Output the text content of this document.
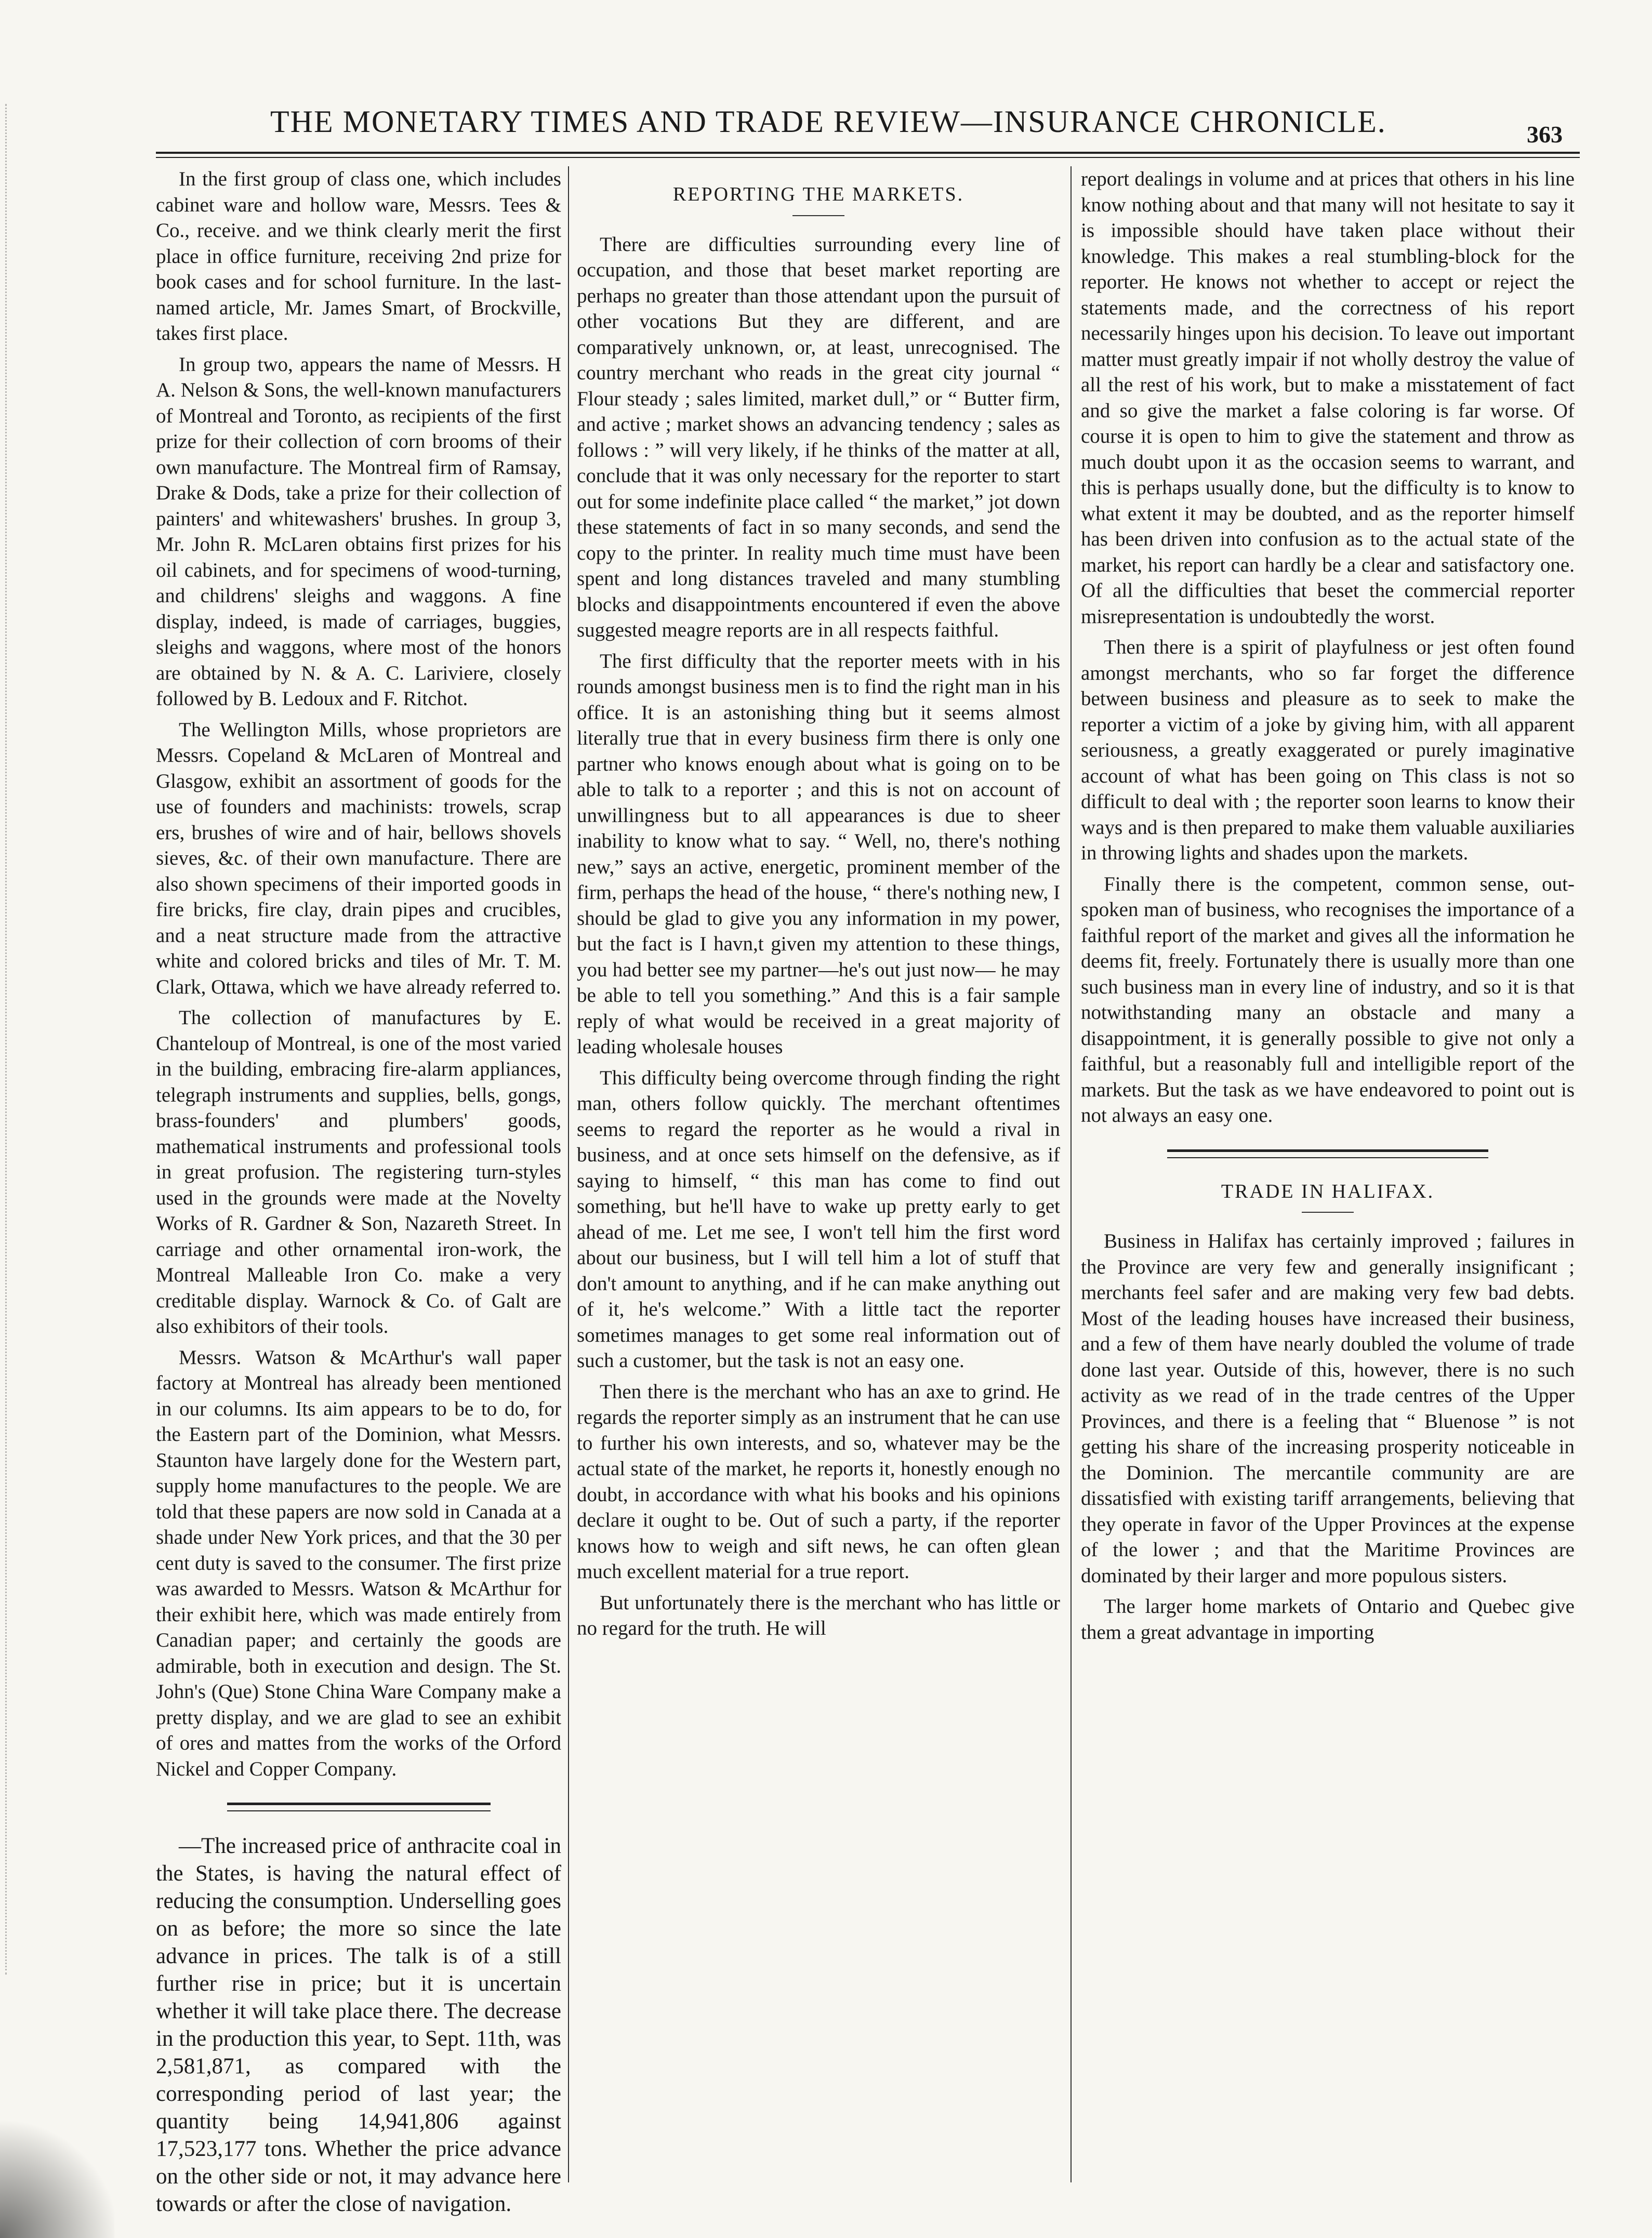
THE MONETARY TIMES AND TRADE REVIEW—INSURANCE CHRONICLE.	363

In the first group of class one, which includes cabinet ware and hollow ware, Messrs. Tees & Co., receive. and we think clearly merit the first place in office furniture, receiving 2nd prize for book cases and for school furniture. In the last-named article, Mr. James Smart, of Brockville, takes first place.

In group two, appears the name of Messrs. H A. Nelson & Sons, the well-known manufacturers of Montreal and Toronto, as recipients of the first prize for their collection of corn brooms of their own manufacture. The Montreal firm of Ramsay, Drake & Dods, take a prize for their collection of painters' and whitewashers' brushes. In group 3, Mr. John R. McLaren obtains first prizes for his oil cabinets, and for specimens of wood-turning, and childrens' sleighs and waggons. A fine display, indeed, is made of carriages, buggies, sleighs and waggons, where most of the honors are obtained by N. & A. C. Lariviere, closely followed by B. Ledoux and F. Ritchot.

The Wellington Mills, whose proprietors are Messrs. Copeland & McLaren of Montreal and Glasgow, exhibit an assortment of goods for the use of founders and machinists: trowels, scrap ers, brushes of wire and of hair, bellows shovels sieves, &c. of their own manufacture. There are also shown specimens of their imported goods in fire bricks, fire clay, drain pipes and crucibles, and a neat structure made from the attractive white and colored bricks and tiles of Mr. T. M. Clark, Ottawa, which we have already referred to.

The collection of manufactures by E. Chanteloup of Montreal, is one of the most varied in the building, embracing fire-alarm appliances, telegraph instruments and supplies, bells, gongs, brass-founders' and plumbers' goods, mathematical instruments and professional tools in great profusion. The registering turn-styles used in the grounds were made at the Novelty Works of R. Gardner & Son, Nazareth Street. In carriage and other ornamental iron-work, the Montreal Malleable Iron Co. make a very creditable display. Warnock & Co. of Galt are also exhibitors of their tools.

Messrs. Watson & McArthur's wall paper factory at Montreal has already been mentioned in our columns. Its aim appears to be to do, for the Eastern part of the Dominion, what Messrs. Staunton have largely done for the Western part, supply home manufactures to the people. We are told that these papers are now sold in Canada at a shade under New York prices, and that the 30 per cent duty is saved to the consumer. The first prize was awarded to Messrs. Watson & McArthur for their exhibit here, which was made entirely from Canadian paper; and certainly the goods are admirable, both in execution and design. The St. John's (Que) Stone China Ware Company make a pretty display, and we are glad to see an exhibit of ores and mattes from the works of the Orford Nickel and Copper Company.

—The increased price of anthracite coal in the States, is having the natural effect of reducing the consumption. Underselling goes on as before; the more so since the late advance in prices. The talk is of a still further rise in price; but it is uncertain whether it will take place there. The decrease in the production this year, to Sept. 11th, was 2,581,871, as compared with the corresponding period of last year; the quantity being 14,941,806 against 17,523,177 tons. Whether the price advance on the other side or not, it may advance here towards or after the close of navigation.

REPORTING THE MARKETS.

There are difficulties surrounding every line of occupation, and those that beset market reporting are perhaps no greater than those attendant upon the pursuit of other vocations But they are different, and are comparatively unknown, or, at least, unrecognised. The country merchant who reads in the great city journal “ Flour steady ; sales limited, market dull,” or “ Butter firm, and active ; market shows an advancing tendency ; sales as follows : ” will very likely, if he thinks of the matter at all, conclude that it was only necessary for the reporter to start out for some indefinite place called “ the market,” jot down these statements of fact in so many seconds, and send the copy to the printer. In reality much time must have been spent and long distances traveled and many stumbling blocks and disappointments encountered if even the above suggested meagre reports are in all respects faithful.

The first difficulty that the reporter meets with in his rounds amongst business men is to find the right man in his office. It is an astonishing thing but it seems almost literally true that in every business firm there is only one partner who knows enough about what is going on to be able to talk to a reporter ; and this is not on account of unwillingness but to all appearances is due to sheer inability to know what to say. “ Well, no, there's nothing new,” says an active, energetic, prominent member of the firm, perhaps the head of the house, “ there's nothing new, I should be glad to give you any information in my power, but the fact is I havn,t given my attention to these things, you had better see my partner—he's out just now— he may be able to tell you something.” And this is a fair sample reply of what would be received in a great majority of leading wholesale houses

This difficulty being overcome through finding the right man, others follow quickly. The merchant oftentimes seems to regard the reporter as he would a rival in business, and at once sets himself on the defensive, as if saying to himself, “ this man has come to find out something, but he'll have to wake up pretty early to get ahead of me. Let me see, I won't tell him the first word about our business, but I will tell him a lot of stuff that don't amount to anything, and if he can make anything out of it, he's welcome.” With a little tact the reporter sometimes manages to get some real information out of such a customer, but the task is not an easy one.

Then there is the merchant who has an axe to grind. He regards the reporter simply as an instrument that he can use to further his own interests, and so, whatever may be the actual state of the market, he reports it, honestly enough no doubt, in accordance with what his books and his opinions declare it ought to be. Out of such a party, if the reporter knows how to weigh and sift news, he can often glean much excellent material for a true report.

But unfortunately there is the merchant who has little or no regard for the truth. He will

report dealings in volume and at prices that others in his line know nothing about and that many will not hesitate to say it is impossible should have taken place without their knowledge. This makes a real stumbling-block for the reporter. He knows not whether to accept or reject the statements made, and the correctness of his report necessarily hinges upon his decision. To leave out important matter must greatly impair if not wholly destroy the value of all the rest of his work, but to make a misstatement of fact and so give the market a false coloring is far worse. Of course it is open to him to give the statement and throw as much doubt upon it as the occasion seems to warrant, and this is perhaps usually done, but the difficulty is to know to what extent it may be doubted, and as the reporter himself has been driven into confusion as to the actual state of the market, his report can hardly be a clear and satisfactory one. Of all the difficulties that beset the commercial reporter misrepresentation is undoubtedly the worst.

Then there is a spirit of playfulness or jest often found amongst merchants, who so far forget the difference between business and pleasure as to seek to make the reporter a victim of a joke by giving him, with all apparent seriousness, a greatly exaggerated or purely imaginative account of what has been going on This class is not so difficult to deal with ; the reporter soon learns to know their ways and is then prepared to make them valuable auxiliaries in throwing lights and shades upon the markets.

Finally there is the competent, common sense, out-spoken man of business, who recognises the importance of a faithful report of the market and gives all the information he deems fit, freely. Fortunately there is usually more than one such business man in every line of industry, and so it is that notwithstanding many an obstacle and many a disappointment, it is generally possible to give not only a faithful, but a reasonably full and intelligible report of the markets. But the task as we have endeavored to point out is not always an easy one.

TRADE IN HALIFAX.

Business in Halifax has certainly improved ; failures in the Province are very few and generally insignificant ; merchants feel safer and are making very few bad debts. Most of the leading houses have increased their business, and a few of them have nearly doubled the volume of trade done last year. Outside of this, however, there is no such activity as we read of in the trade centres of the Upper Provinces, and there is a feeling that “ Bluenose ” is not getting his share of the increasing prosperity noticeable in the Dominion. The mercantile community are are dissatisfied with existing tariff arrangements, believing that they operate in favor of the Upper Provinces at the expense of the lower ; and that the Maritime Provinces are dominated by their larger and more populous sisters.

The larger home markets of Ontario and Quebec give them a great advantage in importing
